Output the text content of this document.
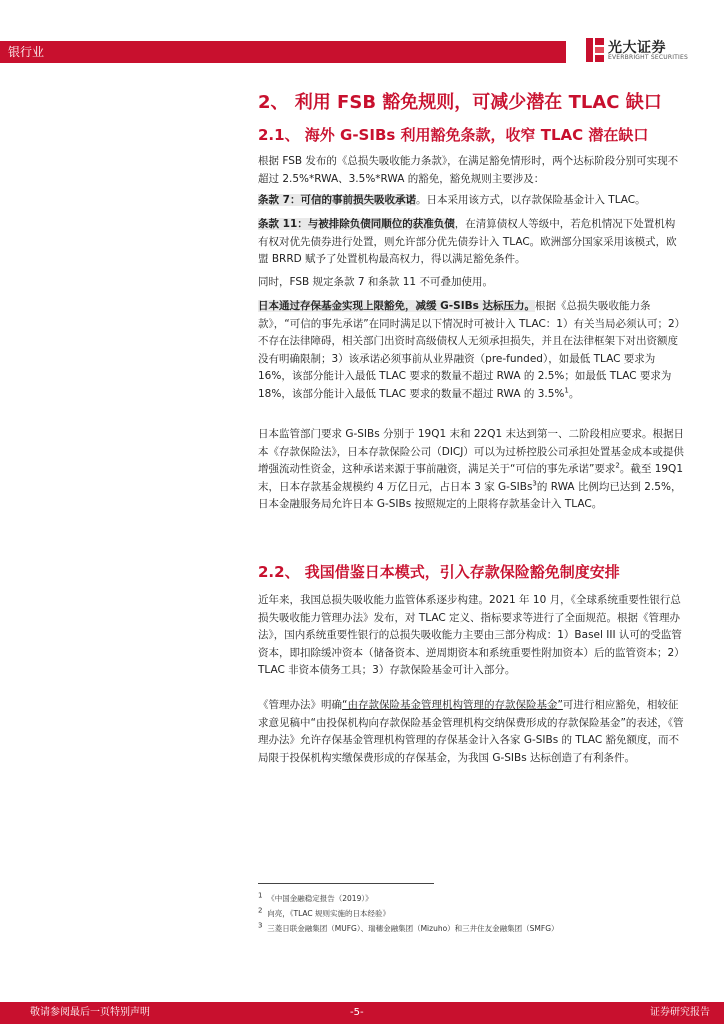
银行业	光大证券
EVERBRIGHT SECURITIES
2、 利用 FSB 豁免规则，可减少潜在 TLAC 缺口
2.1、 海外 G-SIBs 利用豁免条款，收窄 TLAC 潜在缺口
根据 FSB 发布的《总损失吸收能力条款》，在满足豁免情形时，两个达标阶段分别可实现不超过 2.5%*RWA、3.5%*RWA 的豁免，豁免规则主要涉及：
条款 7：可信的事前损失吸收承诺。日本采用该方式，以存款保险基金计入 TLAC。
条款 11：与被排除负债同顺位的获准负债，在清算债权人等级中，若危机情况下处置机构有权对优先债券进行处置，则允许部分优先债券计入 TLAC。欧洲部分国家采用该模式，欧盟 BRRD 赋予了处置机构最高权力，得以满足豁免条件。
同时，FSB 规定条款 7 和条款 11 不可叠加使用。
日本通过存保基金实现上限豁免，减缓 G-SIBs 达标压力。根据《总损失吸收能力条款》，“可信的事先承诺”在同时满足以下情况时可被计入 TLAC：1）有关当局必须认可；2）不存在法律障碍，相关部门出资时高级债权人无须承担损失，并且在法律框架下对出资额度没有明确限制；3）该承诺必须事前从业界融资（pre-funded），如最低 TLAC 要求为 16%，该部分能计入最低 TLAC 要求的数量不超过 RWA 的 2.5%；如最低 TLAC 要求为 18%，该部分能计入最低 TLAC 要求的数量不超过 RWA 的 3.5%$^1$。
日本监管部门要求 G-SIBs 分别于 19Q1 末和 22Q1 末达到第一、二阶段相应要求。根据日本《存款保险法》，日本存款保险公司（DICJ）可以为过桥控股公司承担处置基金成本或提供增强流动性资金，这种承诺来源于事前融资，满足关于“可信的事先承诺”要求$^2$。截至 19Q1 末，日本存款基金规模约 4 万亿日元，占日本 3 家 G-SIBs$^3$的 RWA 比例均已达到 2.5%，日本金融服务局允许日本 G-SIBs 按照规定的上限将存款基金计入 TLAC。
2.2、 我国借鉴日本模式，引入存款保险豁免制度安排
近年来，我国总损失吸收能力监管体系逐步构建。2021 年 10 月，《全球系统重要性银行总损失吸收能力管理办法》发布，对 TLAC 定义、指标要求等进行了全面规范。根据《管理办法》，国内系统重要性银行的总损失吸收能力主要由三部分构成：1）Basel III 认可的受监管资本，即扣除缓冲资本（储备资本、逆周期资本和系统重要性附加资本）后的监管资本；2）TLAC 非资本债务工具；3）存款保险基金可计入部分。
《管理办法》明确“由存款保险基金管理机构管理的存款保险基金”可进行相应豁免，相较征求意见稿中“由投保机构向存款保险基金管理机构交纳保费形成的存款保险基金”的表述，《管理办法》允许存保基金管理机构管理的存保基金计入各家 G-SIBs 的 TLAC 豁免额度，而不局限于投保机构实缴保费形成的存保基金，为我国 G-SIBs 达标创造了有利条件。
$^1$ 《中国金融稳定报告（2019）》
$^2$ 向亮，《TLAC 规则实施的日本经验》
$^3$ 三菱日联金融集团（MUFG）、瑞穗金融集团（Mizuho）和三井住友金融集团（SMFG）
敬请参阅最后一页特别声明	-5-	证券研究报告
